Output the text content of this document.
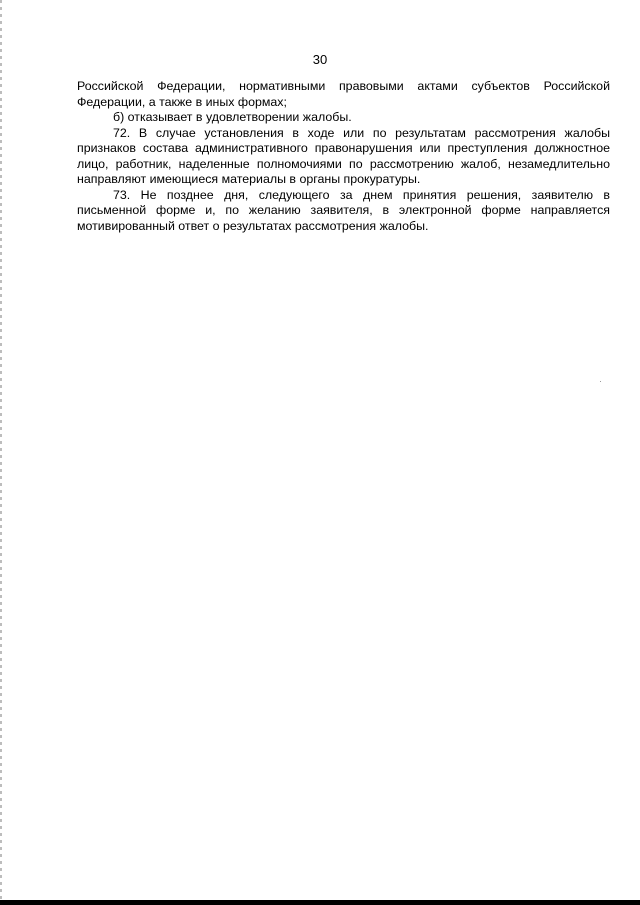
30

Российской Федерации, нормативными правовыми актами субъектов Российской Федерации, а также в иных формах;

б) отказывает в удовлетворении жалобы.

72. В случае установления в ходе или по результатам рассмотрения жалобы признаков состава административного правонарушения или преступления должностное лицо, работник, наделенные полномочиями по рассмотрению жалоб, незамедлительно направляют имеющиеся материалы в органы прокуратуры.

73. Не позднее дня, следующего за днем принятия решения, заявителю в письменной форме и, по желанию заявителя, в электронной форме направляется мотивированный ответ о результатах рассмотрения жалобы.
